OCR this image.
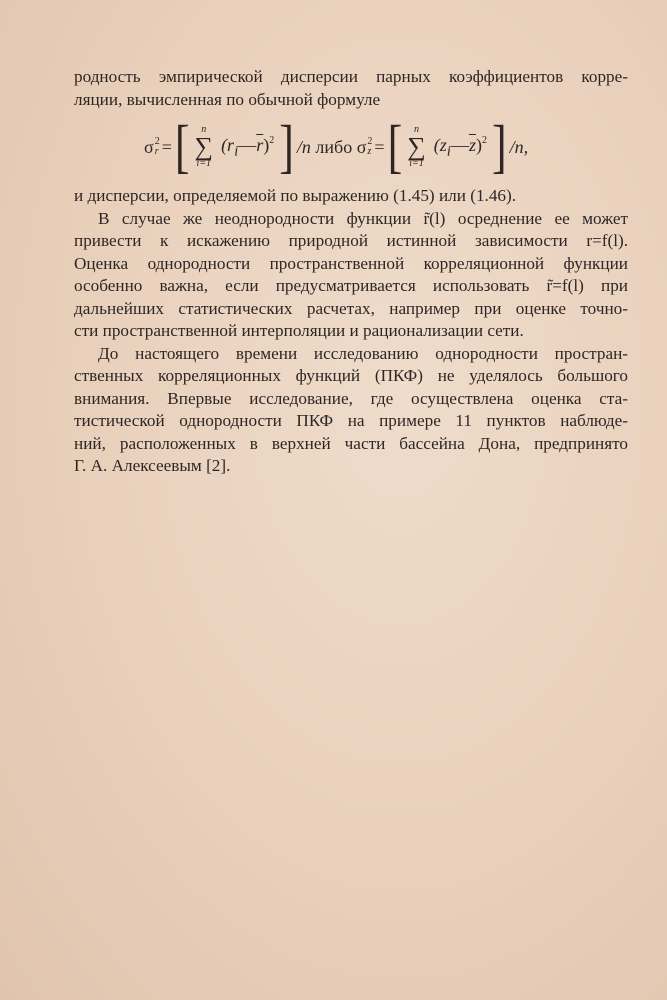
родность эмпирической дисперсии парных коэффициентов корре-
ляции, вычисленная по обычной формуле
σ 2
r = [ n
∑
i=1
$(r_i—\overline{r})^2$ ] /n либо σ 2
z = [ n
∑
i=1
$(z_i—\overline{z})^2$ ] /n,
и дисперсии, определяемой по выражению (1.45) или (1.46).
В случае же неоднородности функции r̃(l) осреднение ее может
привести к искажению природной истинной зависимости r=f(l).
Оценка однородности пространственной корреляционной функции
особенно важна, если предусматривается использовать r̃=f(l) при
дальнейших статистических расчетах, например при оценке точно-
сти пространственной интерполяции и рационализации сети.
До настоящего времени исследованию однородности простран-
ственных корреляционных функций (ПКФ) не уделялось большого
внимания. Впервые исследование, где осуществлена оценка ста-
тистической однородности ПКФ на примере 11 пунктов наблюде-
ний, расположенных в верхней части бассейна Дона, предпринято
Г. А. Алексеевым [2].
